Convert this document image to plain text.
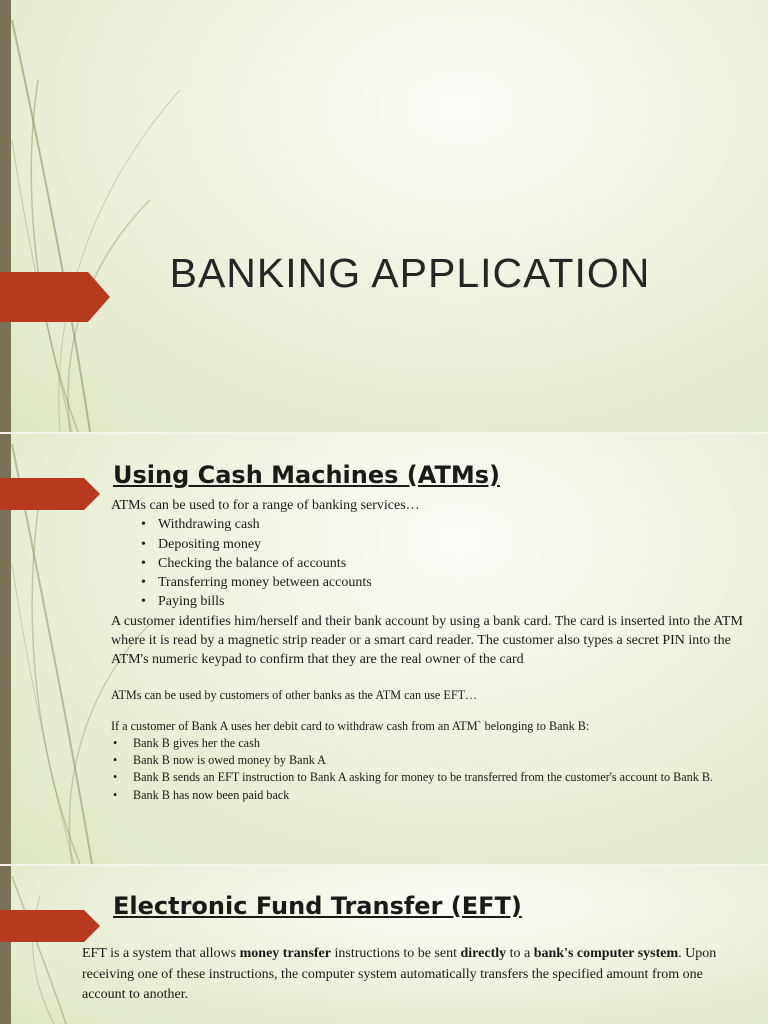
BANKING APPLICATION
Using Cash Machines (ATMs)

ATMs can be used to for a range of banking services…

• Withdrawing cash
• Depositing money
• Checking the balance of accounts
• Transferring money between accounts
• Paying bills

A customer identifies him/herself and their bank account by using a bank card. The card is inserted into the ATM where it is read by a magnetic strip reader or a smart card reader. The customer also types a secret PIN into the ATM's numeric keypad to confirm that they are the real owner of the card

ATMs can be used by customers of other banks as the ATM can use EFT…

If a customer of Bank A uses her debit card to withdraw cash from an ATM` belonging to Bank B:

• Bank B gives her the cash
• Bank B now is owed money by Bank A
• Bank B sends an EFT instruction to Bank A asking for money to be transferred from the customer's account to Bank B.
• Bank B has now been paid back
Electronic Fund Transfer (EFT)

EFT is a system that allows money transfer instructions to be sent directly to a bank's computer system. Upon receiving one of these instructions, the computer system automatically transfers the specified amount from one account to another.
